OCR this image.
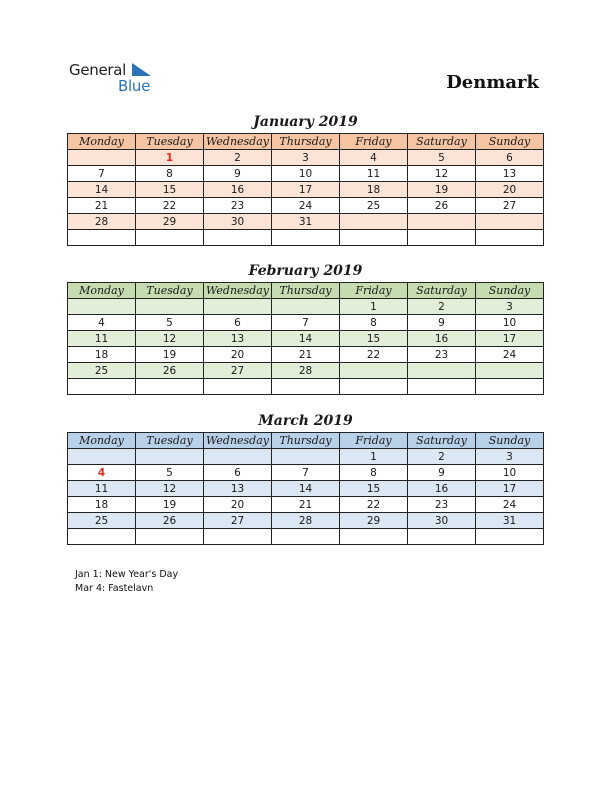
General
Blue	Denmark
January 2019
Monday	Tuesday	Wednesday	Thursday	Friday	Saturday	Sunday
	1	2	3	4	5	6
7	8	9	10	11	12	13
14	15	16	17	18	19	20
21	22	23	24	25	26	27
28	29	30	31			

February 2019
Monday	Tuesday	Wednesday	Thursday	Friday	Saturday	Sunday
				1	2	3
4	5	6	7	8	9	10
11	12	13	14	15	16	17
18	19	20	21	22	23	24
25	26	27	28			

March 2019
Monday	Tuesday	Wednesday	Thursday	Friday	Saturday	Sunday
				1	2	3
4	5	6	7	8	9	10
11	12	13	14	15	16	17
18	19	20	21	22	23	24
25	26	27	28	29	30	31

Jan 1: New Year's Day
Mar 4: Fastelavn
